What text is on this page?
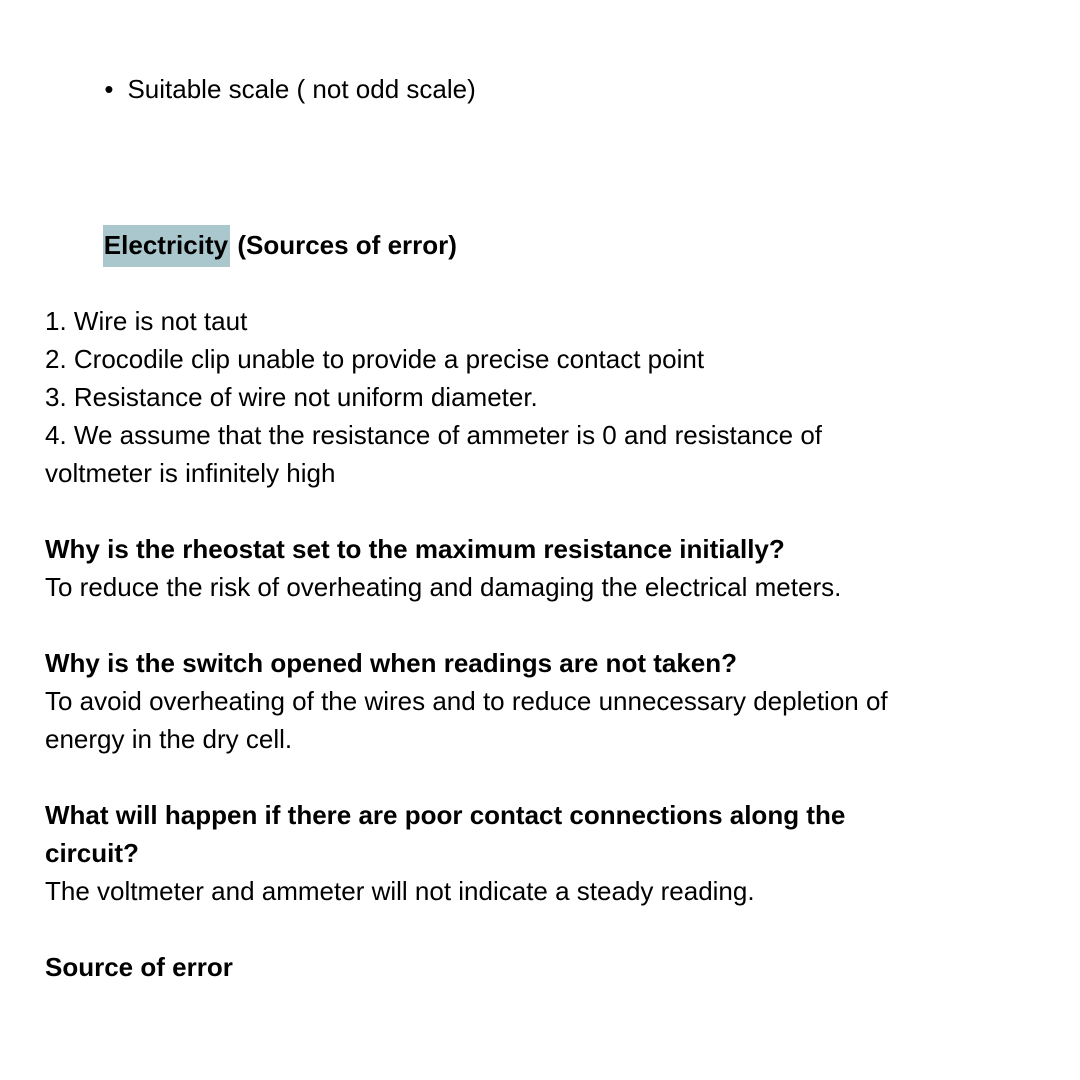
• Suitable scale ( not odd scale)

Electricity (Sources of error)

1. Wire is not taut
2. Crocodile clip unable to provide a precise contact point
3. Resistance of wire not uniform diameter.
4. We assume that the resistance of ammeter is 0 and resistance of
voltmeter is infinitely high
Why is the rheostat set to the maximum resistance initially?
To reduce the risk of overheating and damaging the electrical meters.
Why is the switch opened when readings are not taken?
To avoid overheating of the wires and to reduce unnecessary depletion of
energy in the dry cell.
What will happen if there are poor contact connections along the
circuit?
The voltmeter and ammeter will not indicate a steady reading.
Source of error
